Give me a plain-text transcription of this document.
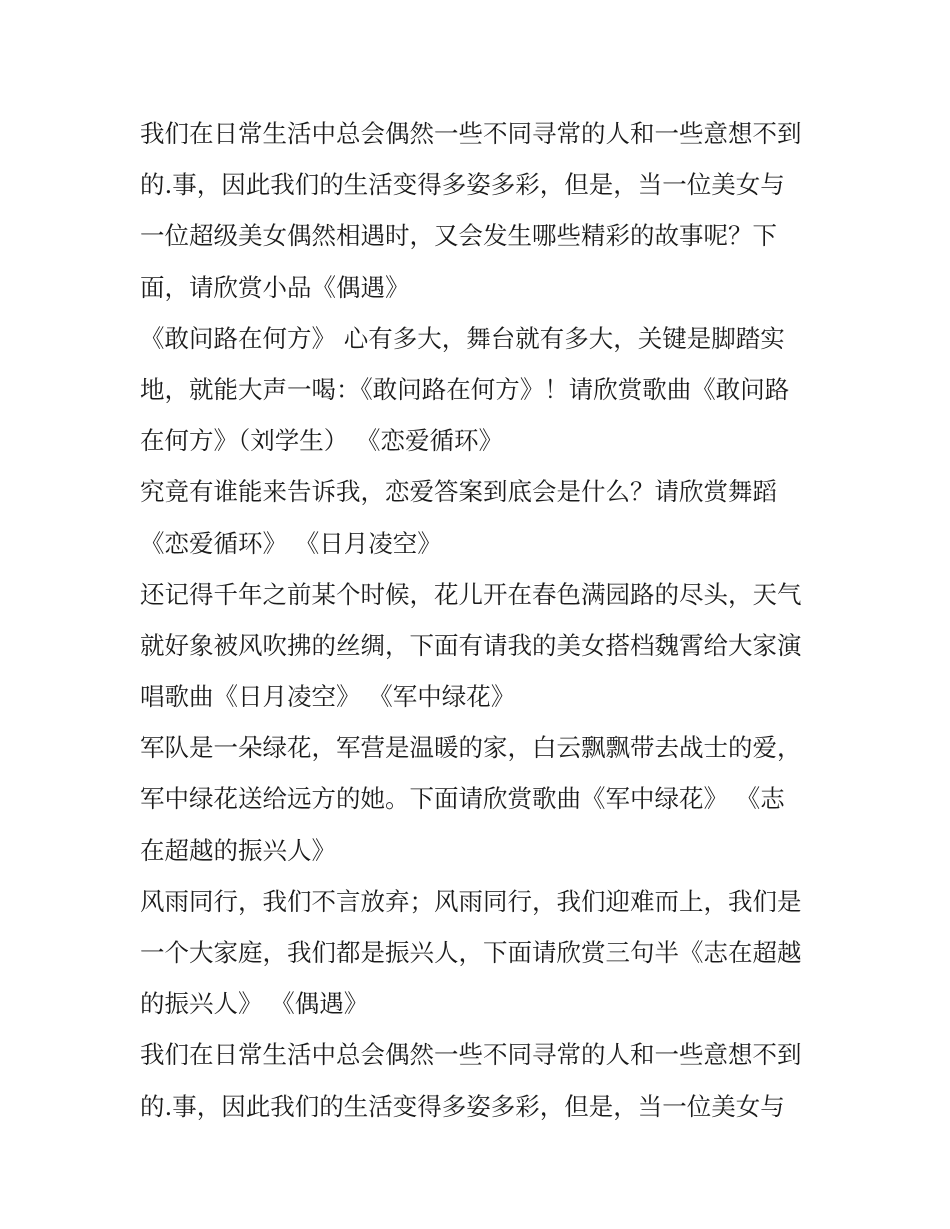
我们在日常生活中总会偶然一些不同寻常的人和一些意想不到
的.事，因此我们的生活变得多姿多彩，但是，当一位美女与
一位超级美女偶然相遇时，又会发生哪些精彩的故事呢？下
面，请欣赏小品《偶遇》
《敢问路在何方》 心有多大，舞台就有多大，关键是脚踏实
地，就能大声一喝：《敢问路在何方》！请欣赏歌曲《敢问路
在何方》（刘学生） 《恋爱循环》
究竟有谁能来告诉我，恋爱答案到底会是什么？请欣赏舞蹈
《恋爱循环》 《日月凌空》
还记得千年之前某个时候，花儿开在春色满园路的尽头，天气
就好象被风吹拂的丝绸，下面有请我的美女搭档魏霄给大家演
唱歌曲《日月凌空》 《军中绿花》
军队是一朵绿花，军营是温暖的家，白云飘飘带去战士的爱，
军中绿花送给远方的她。下面请欣赏歌曲《军中绿花》 《志
在超越的振兴人》
风雨同行，我们不言放弃；风雨同行，我们迎难而上，我们是
一个大家庭，我们都是振兴人，下面请欣赏三句半《志在超越
的振兴人》 《偶遇》
我们在日常生活中总会偶然一些不同寻常的人和一些意想不到
的.事，因此我们的生活变得多姿多彩，但是，当一位美女与
